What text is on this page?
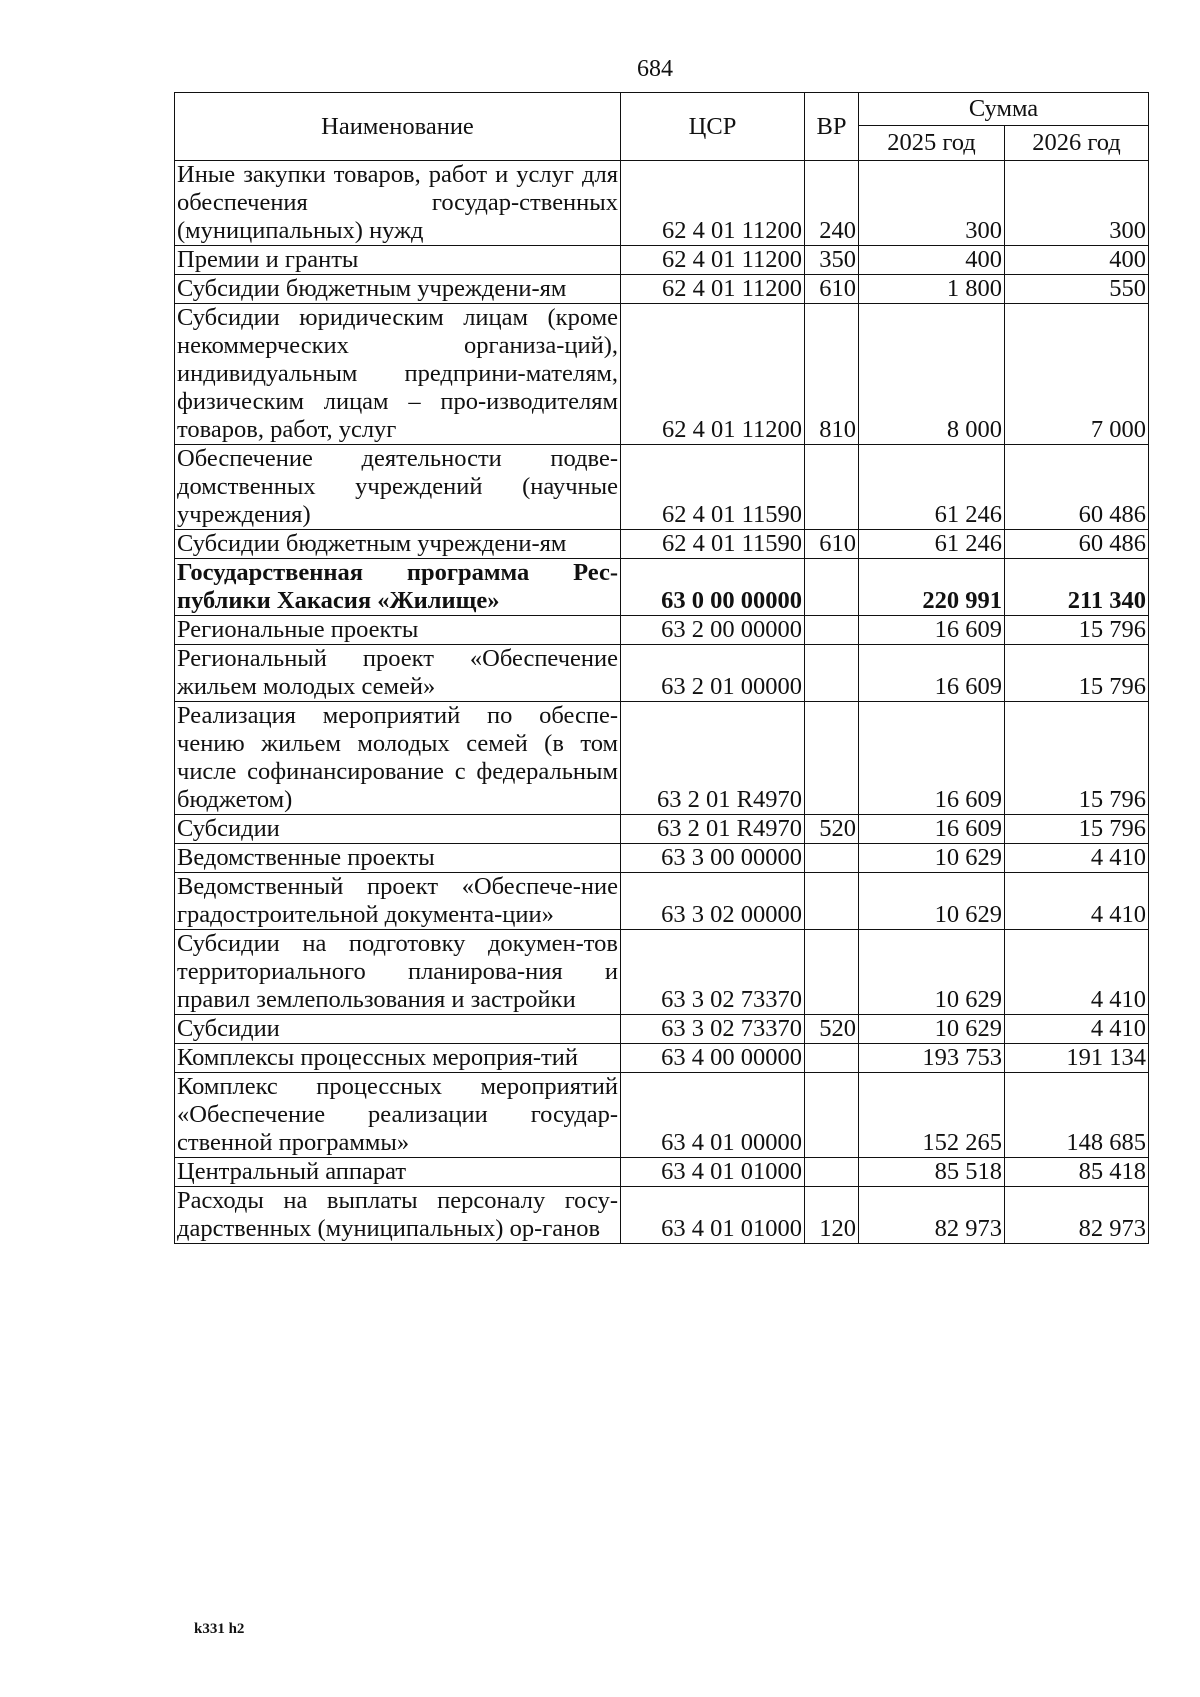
684
Наименование	ЦСР	ВР	Сумма	
			2025 год	2026 год
Иные закупки товаров, работ и услуг для обеспечения государ-ственных (муниципальных) нужд	62 4 01 11200	240	300	300
Премии и гранты	62 4 01 11200	350	400	400
Субсидии бюджетным учреждени-ям	62 4 01 11200	610	1 800	550
Субсидии юридическим лицам (кроме некоммерческих организа-ций), индивидуальным предприни-мателям, физическим лицам – про-изводителям товаров, работ, услуг	62 4 01 11200	810	8 000	7 000
Обеспечение деятельности подве-домственных учреждений (научные учреждения)	62 4 01 11590		61 246	60 486
Субсидии бюджетным учреждени-ям	62 4 01 11590	610	61 246	60 486
Государственная программа Рес-публики Хакасия «Жилище»	63 0 00 00000		220 991	211 340
Региональные проекты	63 2 00 00000		16 609	15 796
Региональный проект «Обеспечение жильем молодых семей»	63 2 01 00000		16 609	15 796
Реализация мероприятий по обеспе-чению жильем молодых семей (в том числе софинансирование с федеральным бюджетом)	63 2 01 R4970		16 609	15 796
Субсидии	63 2 01 R4970	520	16 609	15 796
Ведомственные проекты	63 3 00 00000		10 629	4 410
Ведомственный проект «Обеспече-ние градостроительной документа-ции»	63 3 02 00000		10 629	4 410
Субсидии на подготовку докумен-тов территориального планирова-ния и правил землепользования и застройки	63 3 02 73370		10 629	4 410
Субсидии	63 3 02 73370	520	10 629	4 410
Комплексы процессных мероприя-тий	63 4 00 00000		193 753	191 134
Комплекс процессных мероприятий «Обеспечение реализации государ-ственной программы»	63 4 01 00000		152 265	148 685
Центральный аппарат	63 4 01 01000		85 518	85 418
Расходы на выплаты персоналу госу-дарственных (муниципальных) ор-ганов	63 4 01 01000	120	82 973	82 973
k331 h2
